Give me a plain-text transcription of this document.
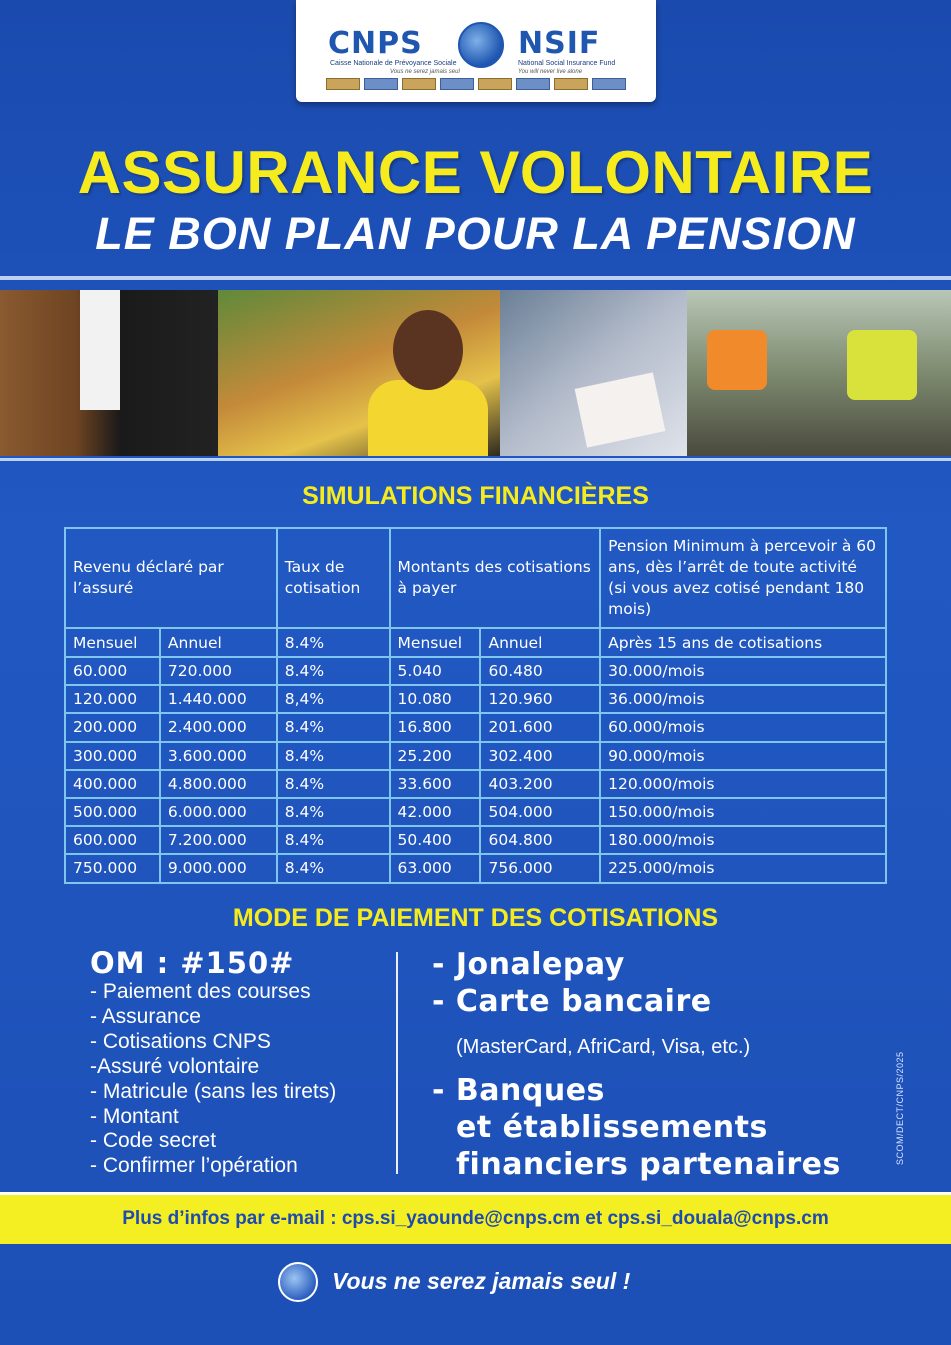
CNPS	NSIF
Caisse Nationale de Prévoyance Sociale	National Social Insurance Fund
Vous ne serez jamais seul	You will never live alone
ASSURANCE VOLONTAIRE
LE BON PLAN POUR LA PENSION
SIMULATIONS FINANCIÈRES
Revenu déclaré par l’assuré		Taux de cotisation	Montants des cotisations à payer		Pension Minimum à percevoir à 60 ans, dès l’arrêt de toute activité (si vous avez cotisé pendant 180 mois)
Mensuel	Annuel	8.4%	Mensuel	Annuel	Après 15 ans de cotisations
60.000	720.000	8.4%	5.040	60.480	30.000/mois
120.000	1.440.000	8,4%	10.080	120.960	36.000/mois
200.000	2.400.000	8.4%	16.800	201.600	60.000/mois
300.000	3.600.000	8.4%	25.200	302.400	90.000/mois
400.000	4.800.000	8.4%	33.600	403.200	120.000/mois
500.000	6.000.000	8.4%	42.000	504.000	150.000/mois
600.000	7.200.000	8.4%	50.400	604.800	180.000/mois
750.000	9.000.000	8.4%	63.000	756.000	225.000/mois
MODE DE PAIEMENT DES COTISATIONS
OM : #150#
- Paiement des courses
- Assurance
- Cotisations CNPS
-Assuré volontaire
- Matricule (sans les tirets)
- Montant
- Code secret
- Confirmer l’opération
- Jonalepay
- Carte bancaire
(MasterCard, AfriCard, Visa, etc.)
- Banques
et établissements
financiers partenaires	SCOM/DECT/CNPS/2025
Plus d’infos par e-mail : cps.si_yaounde@cnps.cm et cps.si_douala@cnps.cm
Vous ne serez jamais seul !
